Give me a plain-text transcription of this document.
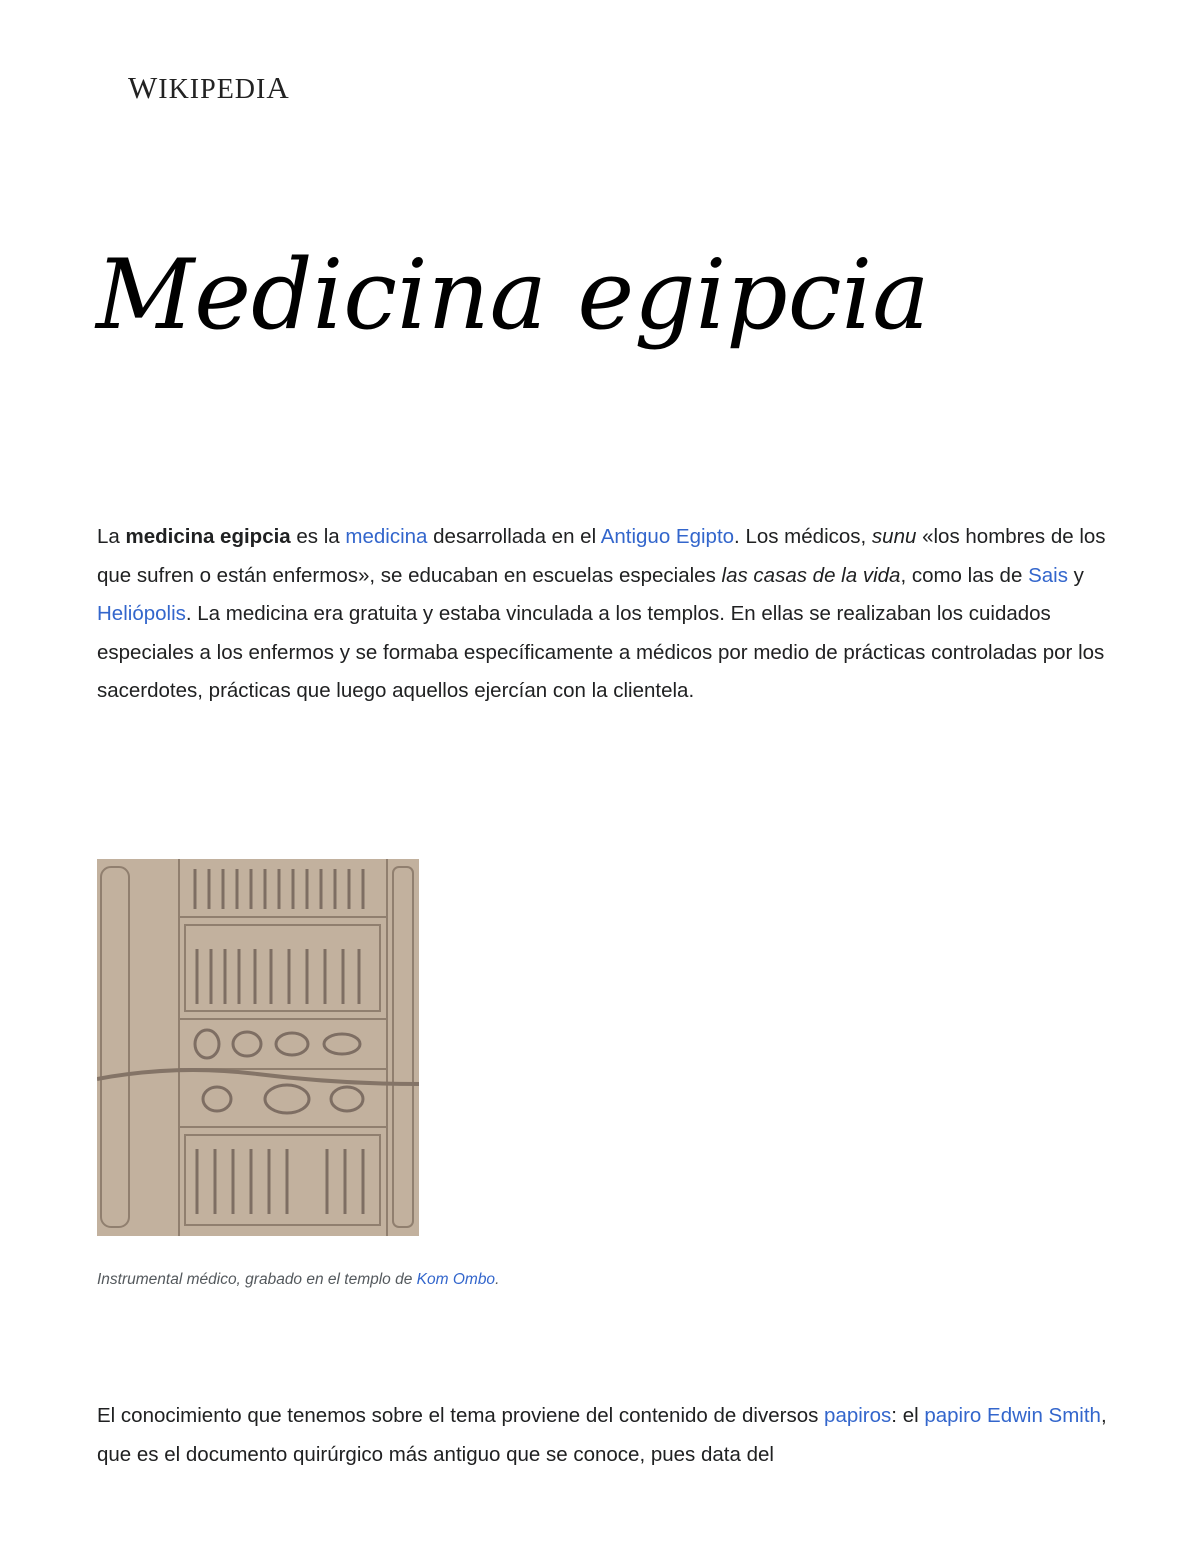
WIKIPEDIA
Medicina egipcia

La medicina egipcia es la medicina desarrollada en el Antiguo Egipto. Los médicos, sunu «los hombres de los que sufren o están enfermos», se educaban en escuelas especiales las casas de la vida, como las de Sais y Heliópolis. La medicina era gratuita y estaba vinculada a los templos. En ellas se realizaban los cuidados especiales a los enfermos y se formaba específicamente a médicos por medio de prácticas controladas por los sacerdotes, prácticas que luego aquellos ejercían con la clientela.

Instrumental médico, grabado en el templo de Kom Ombo.

El conocimiento que tenemos sobre el tema proviene del contenido de diversos papiros: el papiro Edwin Smith, que es el documento quirúrgico más antiguo que se conoce, pues data del
